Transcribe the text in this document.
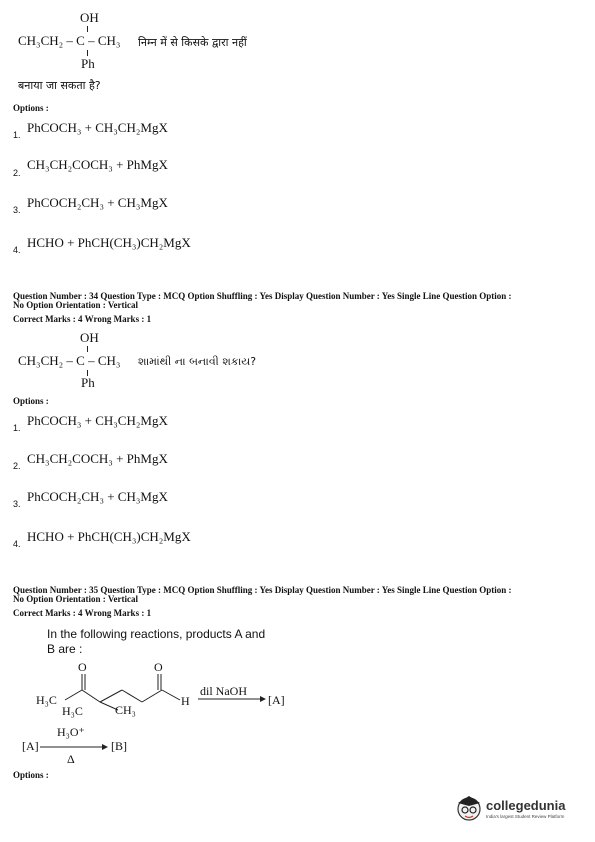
OH
CH₃CH₂ – C – CH₃ निम्न में से किसके द्वारा नहीं
Ph
बनाया जा सकता है?
Options :
1. PhCOCH₃ + CH₃CH₂MgX
2.
CH₃CH₂COCH₃ + PhMgX
3. PhCOCH₂CH₃ + CH₃MgX
4. HCHO + PhCH(CH₃)CH₂MgX
Question Number : 34 Question Type : MCQ Option Shuffling : Yes Display Question Number : Yes Single Line Question Option :
No Option Orientation : Vertical
Correct Marks : 4 Wrong Marks : 1
OH
CH₃CH₂ – C – CH₃ શામાંથી ના બનાવી શકાય?
Ph
Options :
1. PhCOCH₃ + CH₃CH₂MgX
2. CH₃CH₂COCH₃ + PhMgX
3. PhCOCH₂CH₃ + CH₃MgX
4. HCHO + PhCH(CH₃)CH₂MgX
Question Number : 35 Question Type : MCQ Option Shuffling : Yes Display Question Number : Yes Single Line Question Option :
No Option Orientation : Vertical
Correct Marks : 4 Wrong Marks : 1
In the following reactions, products A and
B are :
O	O
H₃C
H₃C	CH₃
H
dil NaOH
[A]
[A]
H₃O⁺
Δ
[B]
Options :
collegedunia
India's largest Student Review Platform
